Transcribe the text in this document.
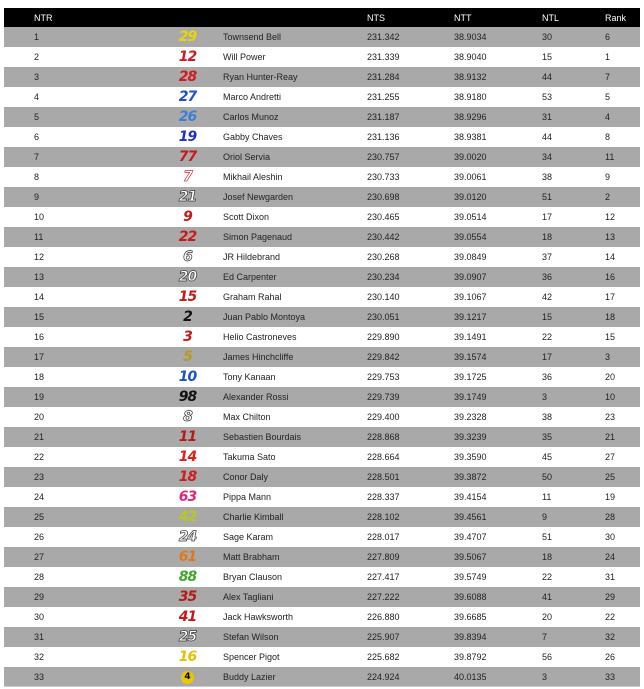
NTR			NTS	NTT	NTL	Rank
1	29	Townsend Bell	231.342	38.9034	30	6
2	12	Will Power	231.339	38.9040	15	1
3	28	Ryan Hunter-Reay	231.284	38.9132	44	7
4	27	Marco Andretti	231.255	38.9180	53	5
5	26	Carlos Munoz	231.187	38.9296	31	4
6	19	Gabby Chaves	231.136	38.9381	44	8
7	77	Oriol Servia	230.757	39.0020	34	11
8	7	Mikhail Aleshin	230.733	39.0061	38	9
9	21	Josef Newgarden	230.698	39.0120	51	2
10	9	Scott Dixon	230.465	39.0514	17	12
11	22	Simon Pagenaud	230.442	39.0554	18	13
12	6	JR Hildebrand	230.268	39.0849	37	14
13	20	Ed Carpenter	230.234	39.0907	36	16
14	15	Graham Rahal	230.140	39.1067	42	17
15	2	Juan Pablo Montoya	230.051	39.1217	15	18
16	3	Helio Castroneves	229.890	39.1491	22	15
17	5	James Hinchcliffe	229.842	39.1574	17	3
18	10	Tony Kanaan	229.753	39.1725	36	20
19	98	Alexander Rossi	229.739	39.1749	3	10
20	8	Max Chilton	229.400	39.2328	38	23
21	11	Sebastien Bourdais	228.868	39.3239	35	21
22	14	Takuma Sato	228.664	39.3590	45	27
23	18	Conor Daly	228.501	39.3872	50	25
24	63	Pippa Mann	228.337	39.4154	11	19
25	42	Charlie Kimball	228.102	39.4561	9	28
26	24	Sage Karam	228.017	39.4707	51	30
27	61	Matt Brabham	227.809	39.5067	18	24
28	88	Bryan Clauson	227.417	39.5749	22	31
29	35	Alex Tagliani	227.222	39.6088	41	29
30	41	Jack Hawksworth	226.880	39.6685	20	22
31	25	Stefan Wilson	225.907	39.8394	7	32
32	16	Spencer Pigot	225.682	39.8792	56	26
33	4	Buddy Lazier	224.924	40.0135	3	33
